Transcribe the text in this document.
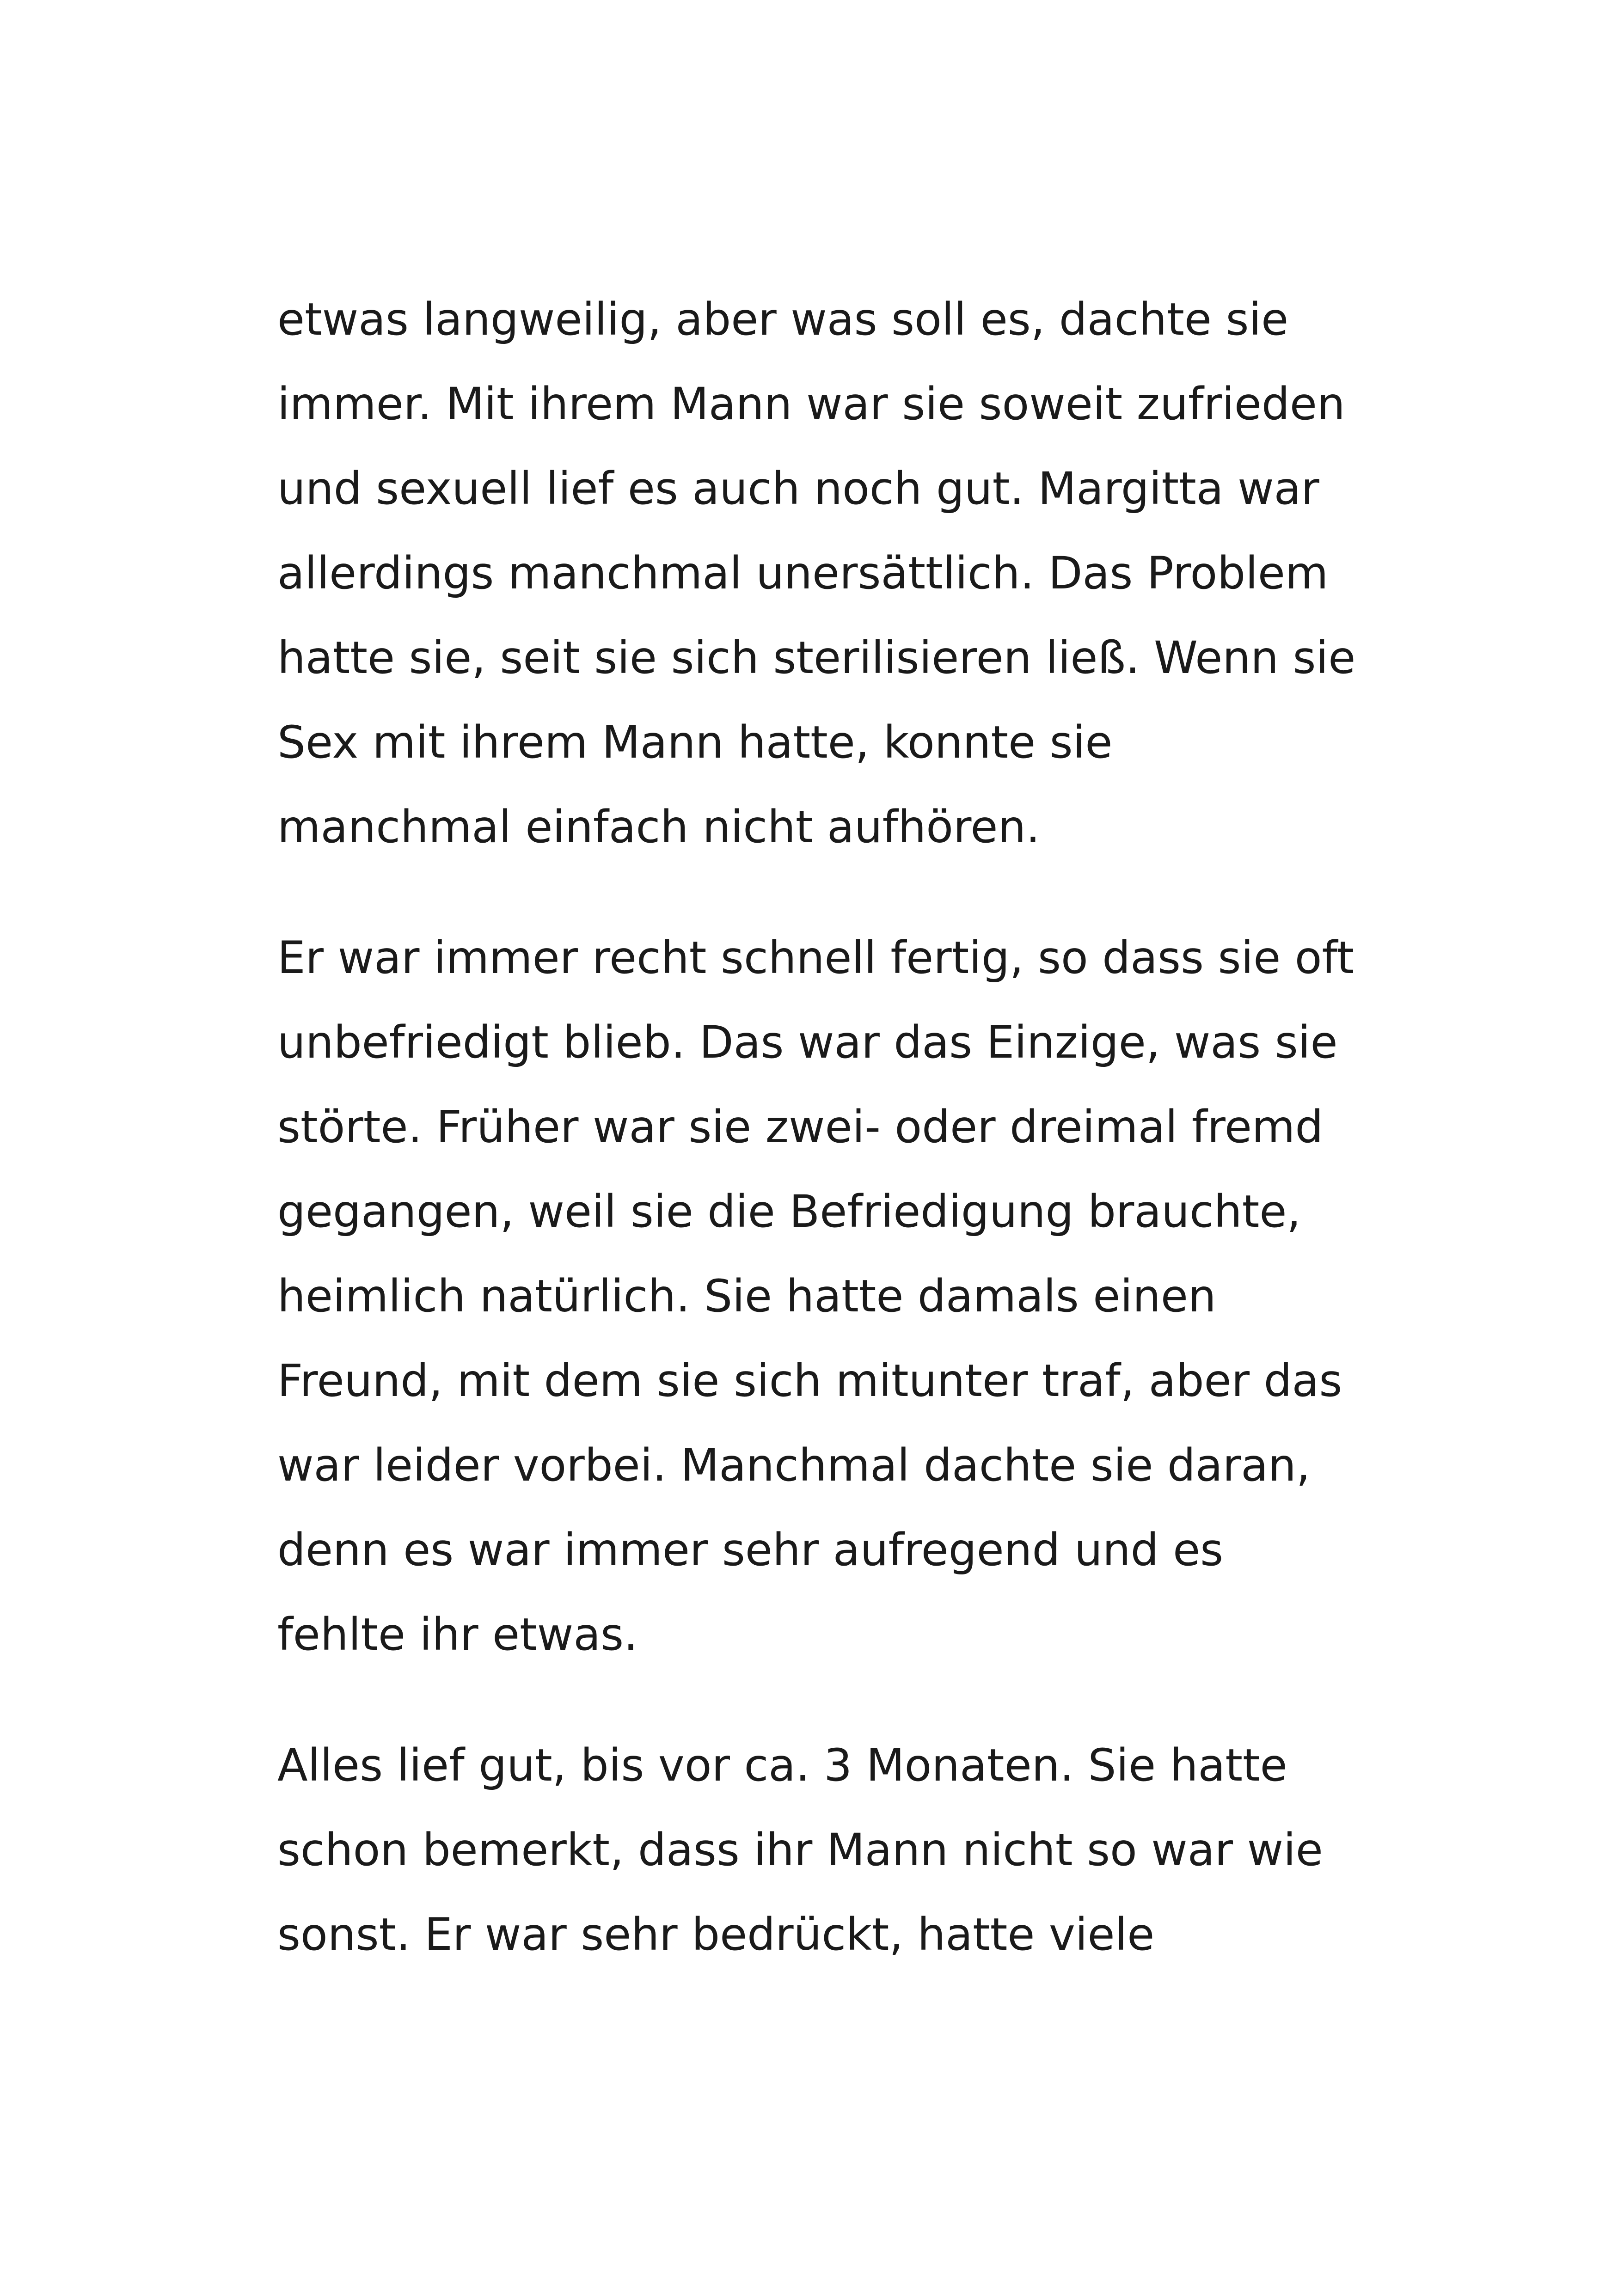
etwas langweilig, aber was soll es, dachte sie
immer. Mit ihrem Mann war sie soweit zufrieden
und sexuell lief es auch noch gut. Margitta war
allerdings manchmal unersättlich. Das Problem
hatte sie, seit sie sich sterilisieren ließ. Wenn sie
Sex mit ihrem Mann hatte, konnte sie
manchmal einfach nicht aufhören.

Er war immer recht schnell fertig, so dass sie oft
unbefriedigt blieb. Das war das Einzige, was sie
störte. Früher war sie zwei- oder dreimal fremd
gegangen, weil sie die Befriedigung brauchte,
heimlich natürlich. Sie hatte damals einen
Freund, mit dem sie sich mitunter traf, aber das
war leider vorbei. Manchmal dachte sie daran,
denn es war immer sehr aufregend und es
fehlte ihr etwas.

Alles lief gut, bis vor ca. 3 Monaten. Sie hatte
schon bemerkt, dass ihr Mann nicht so war wie
sonst. Er war sehr bedrückt, hatte viele
